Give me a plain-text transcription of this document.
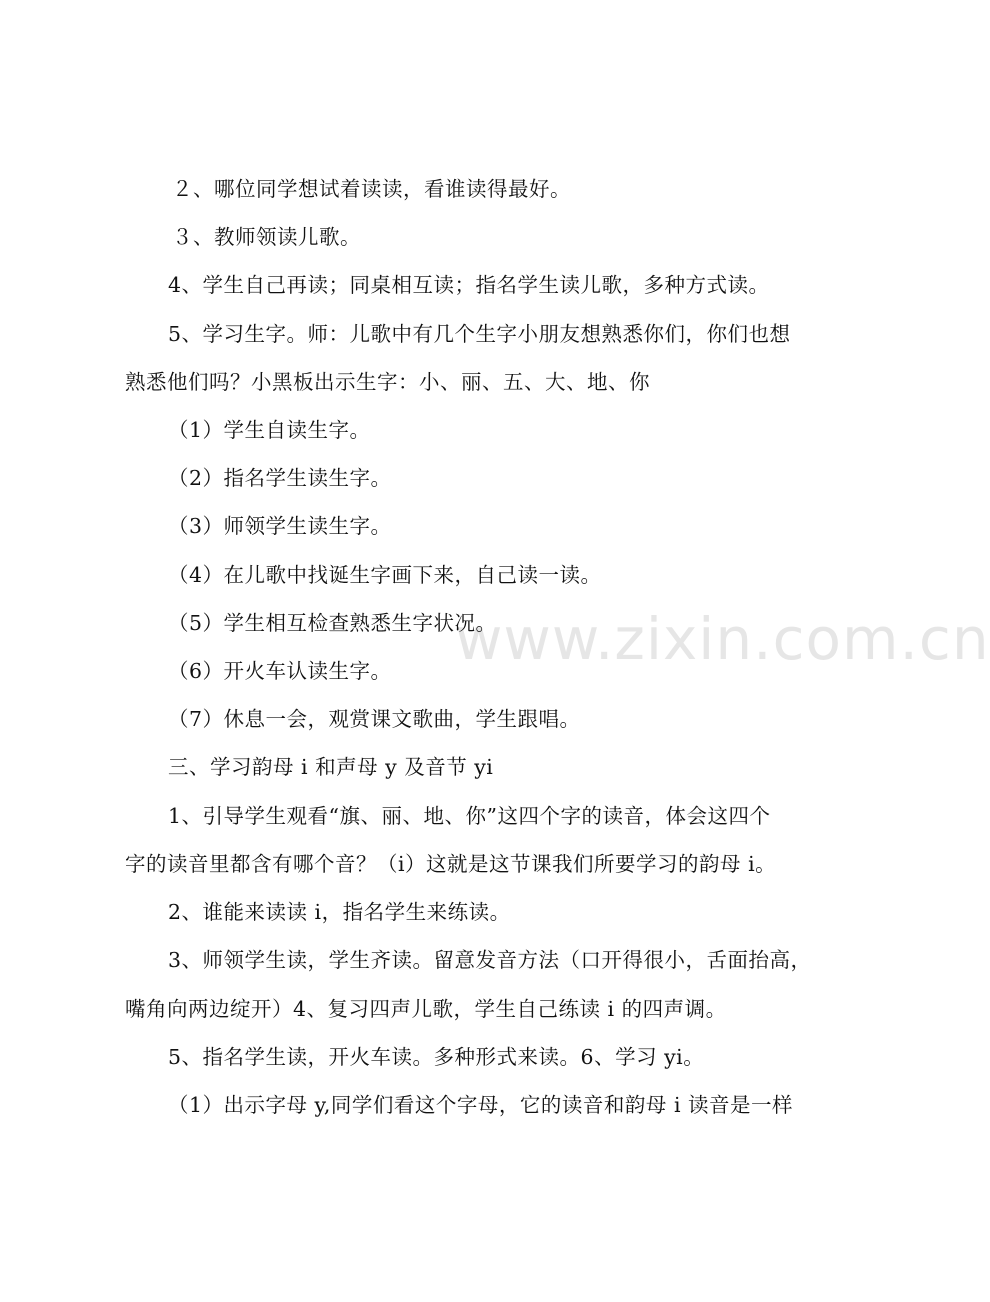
www.zixin.com.cn
２、哪位同学想试着读读，看谁读得最好。
３、教师领读儿歌。
4、学生自己再读；同桌相互读；指名学生读儿歌，多种方式读。
5、学习生字。师：儿歌中有几个生字小朋友想熟悉你们，你们也想
熟悉他们吗？小黑板出示生字：小、丽、五、大、地、你
（1）学生自读生字。
（2）指名学生读生字。
（3）师领学生读生字。
（4）在儿歌中找诞生字画下来，自己读一读。
（5）学生相互检查熟悉生字状况。
（6）开火车认读生字。
（7）休息一会，观赏课文歌曲，学生跟唱。
三、学习韵母 i 和声母 y 及音节 yi
1、引导学生观看“旗、丽、地、你”这四个字的读音，体会这四个
字的读音里都含有哪个音？（i）这就是这节课我们所要学习的韵母 i。
2、谁能来读读 i，指名学生来练读。
3、师领学生读，学生齐读。留意发音方法（口开得很小，舌面抬高，
嘴角向两边绽开）4、复习四声儿歌，学生自己练读 i 的四声调。
5、指名学生读，开火车读。多种形式来读。6、学习 yi。
（1）出示字母 y,同学们看这个字母，它的读音和韵母 i 读音是一样
